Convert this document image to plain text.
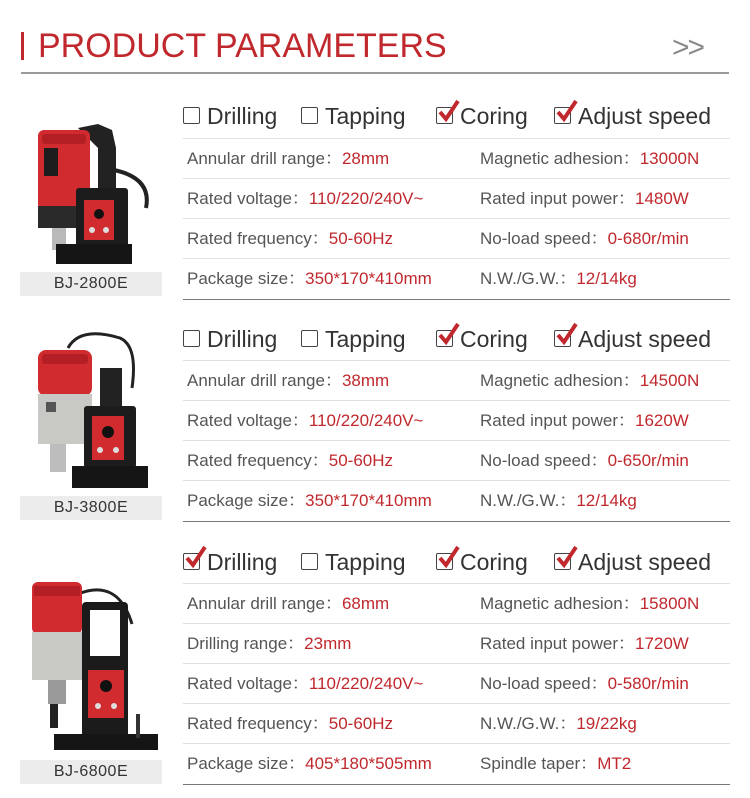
PRODUCT PARAMETERS	>>
BJ-2800E
Drilling Tapping Coring Adjust speed
Annular drill range：28mm	Magnetic adhesion：13000N
Rated voltage：110/220/240V~	Rated input power：1480W
Rated frequency：50-60Hz	No-load speed：0-680r/min
Package size：350*170*410mm	N.W./G.W.：12/14kg
BJ-3800E
Drilling Tapping Coring Adjust speed
Annular drill range：38mm	Magnetic adhesion：14500N
Rated voltage：110/220/240V~	Rated input power：1620W
Rated frequency：50-60Hz	No-load speed：0-650r/min
Package size：350*170*410mm	N.W./G.W.：12/14kg
BJ-6800E
Drilling Tapping Coring Adjust speed
Annular drill range：68mm	Magnetic adhesion：15800N
Drilling range：23mm	Rated input power：1720W
Rated voltage：110/220/240V~	No-load speed：0-580r/min
Rated frequency：50-60Hz	N.W./G.W.：19/22kg
Package size：405*180*505mm	Spindle taper：MT2
